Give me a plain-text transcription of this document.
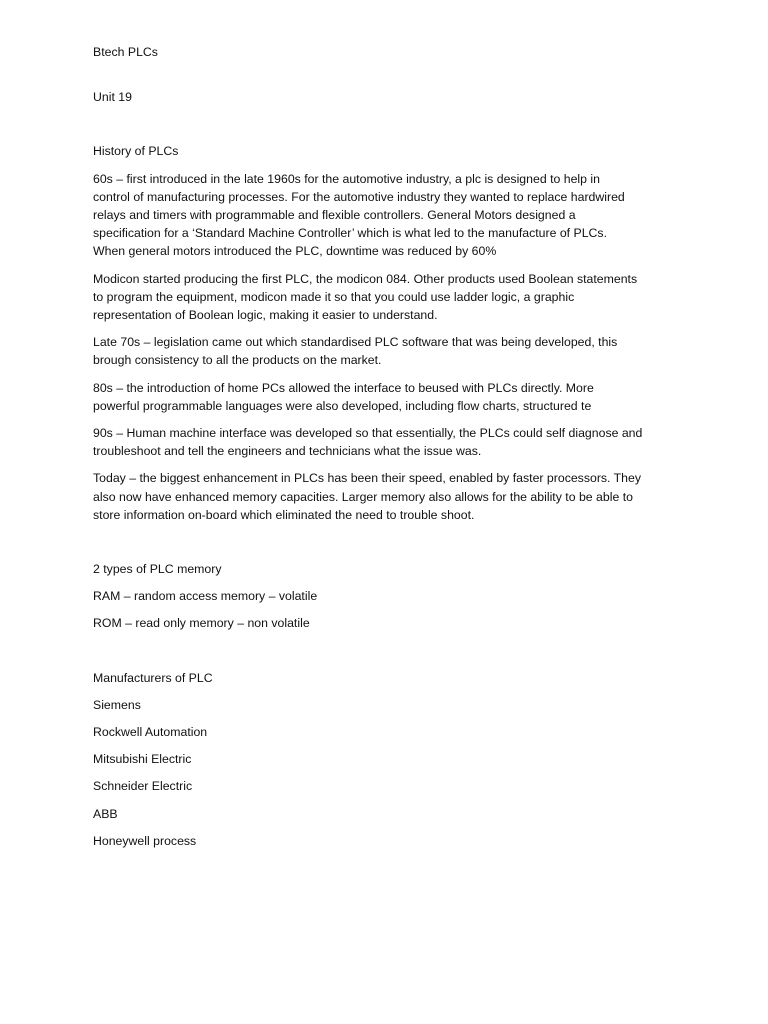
Btech PLCs

Unit 19

History of PLCs

60s – first introduced in the late 1960s for the automotive industry, a plc is designed to help in
control of manufacturing processes. For the automotive industry they wanted to replace hardwired
relays and timers with programmable and flexible controllers. General Motors designed a
specification for a ‘Standard Machine Controller’ which is what led to the manufacture of PLCs.
When general motors introduced the PLC, downtime was reduced by 60%

Modicon started producing the first PLC, the modicon 084. Other products used Boolean statements
to program the equipment, modicon made it so that you could use ladder logic, a graphic
representation of Boolean logic, making it easier to understand.

Late 70s – legislation came out which standardised PLC software that was being developed, this
brough consistency to all the products on the market.

80s – the introduction of home PCs allowed the interface to beused with PLCs directly. More
powerful programmable languages were also developed, including flow charts, structured te

90s – Human machine interface was developed so that essentially, the PLCs could self diagnose and
troubleshoot and tell the engineers and technicians what the issue was.

Today – the biggest enhancement in PLCs has been their speed, enabled by faster processors. They
also now have enhanced memory capacities. Larger memory also allows for the ability to be able to
store information on-board which eliminated the need to trouble shoot.

2 types of PLC memory

RAM – random access memory – volatile

ROM – read only memory – non volatile

Manufacturers of PLC

Siemens

Rockwell Automation

Mitsubishi Electric

Schneider Electric

ABB

Honeywell process
